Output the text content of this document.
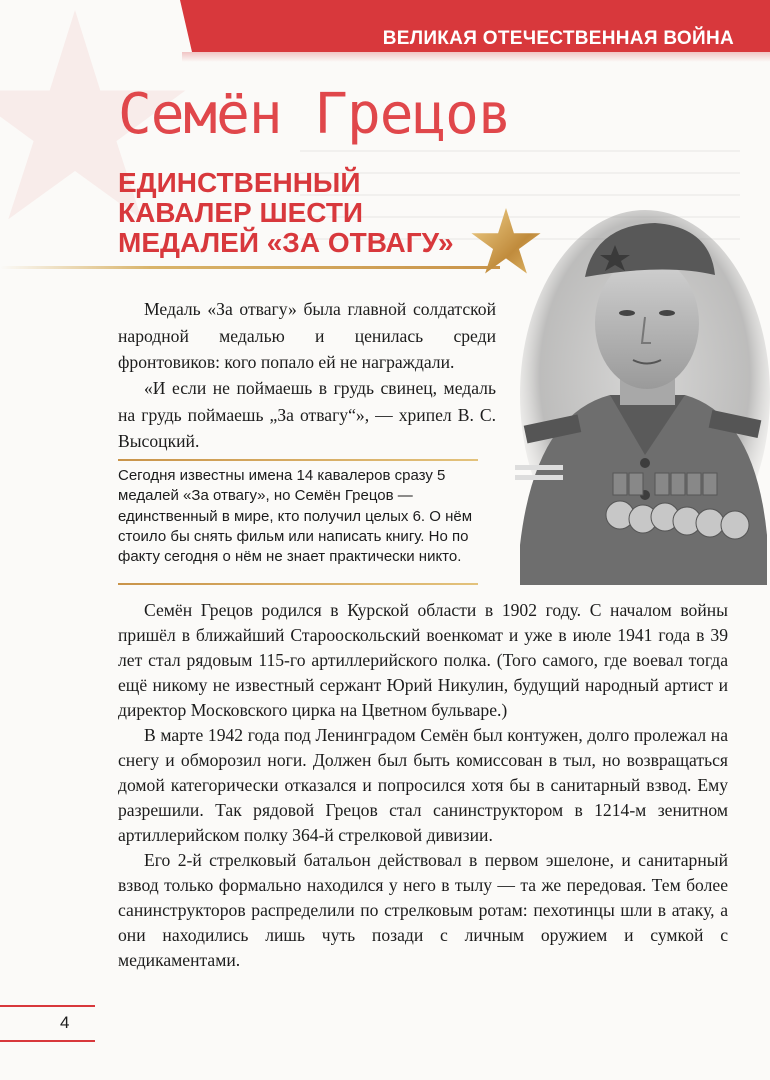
ВЕЛИКАЯ ОТЕЧЕСТВЕННАЯ ВОЙНА
Семён Грецов
ЕДИНСТВЕННЫЙ
КАВАЛЕР ШЕСТИ
МЕДАЛЕЙ «ЗА ОТВАГУ»

Медаль «За отвагу» была главной солдатской народной медалью и ценилась среди фронтовиков: кого попало ей не награждали.

«И если не поймаешь в грудь свинец, медаль на грудь поймаешь „За отвагу“», — хрипел В. С. Высоцкий.

Сегодня известны имена 14 кавалеров сразу 5 медалей «За отвагу», но Семён Грецов — единственный в мире, кто получил целых 6. О нём стоило бы снять фильм или написать книгу. Но по факту сегодня о нём не знает практически никто.

Семён Грецов родился в Курской области в 1902 году. С началом войны пришёл в ближайший Старооскольский военкомат и уже в июле 1941 года в 39 лет стал рядовым 115-го артиллерийского полка. (Того самого, где воевал тогда ещё никому не известный сержант Юрий Никулин, будущий народный артист и директор Московского цирка на Цветном бульваре.)

В марте 1942 года под Ленинградом Семён был контужен, долго пролежал на снегу и обморозил ноги. Должен был быть комиссован в тыл, но возвращаться домой категорически отказался и попросился хотя бы в санитарный взвод. Ему разрешили. Так рядовой Грецов стал санинструктором в 1214-м зенитном артиллерийском полку 364-й стрелковой дивизии.

Его 2-й стрелковый батальон действовал в первом эшелоне, и санитарный взвод только формально находился у него в тылу — та же передовая. Тем более санинструкторов распределили по стрелковым ротам: пехотинцы шли в атаку, а они находились лишь чуть позади с личным оружием и сумкой с медикаментами.

4
